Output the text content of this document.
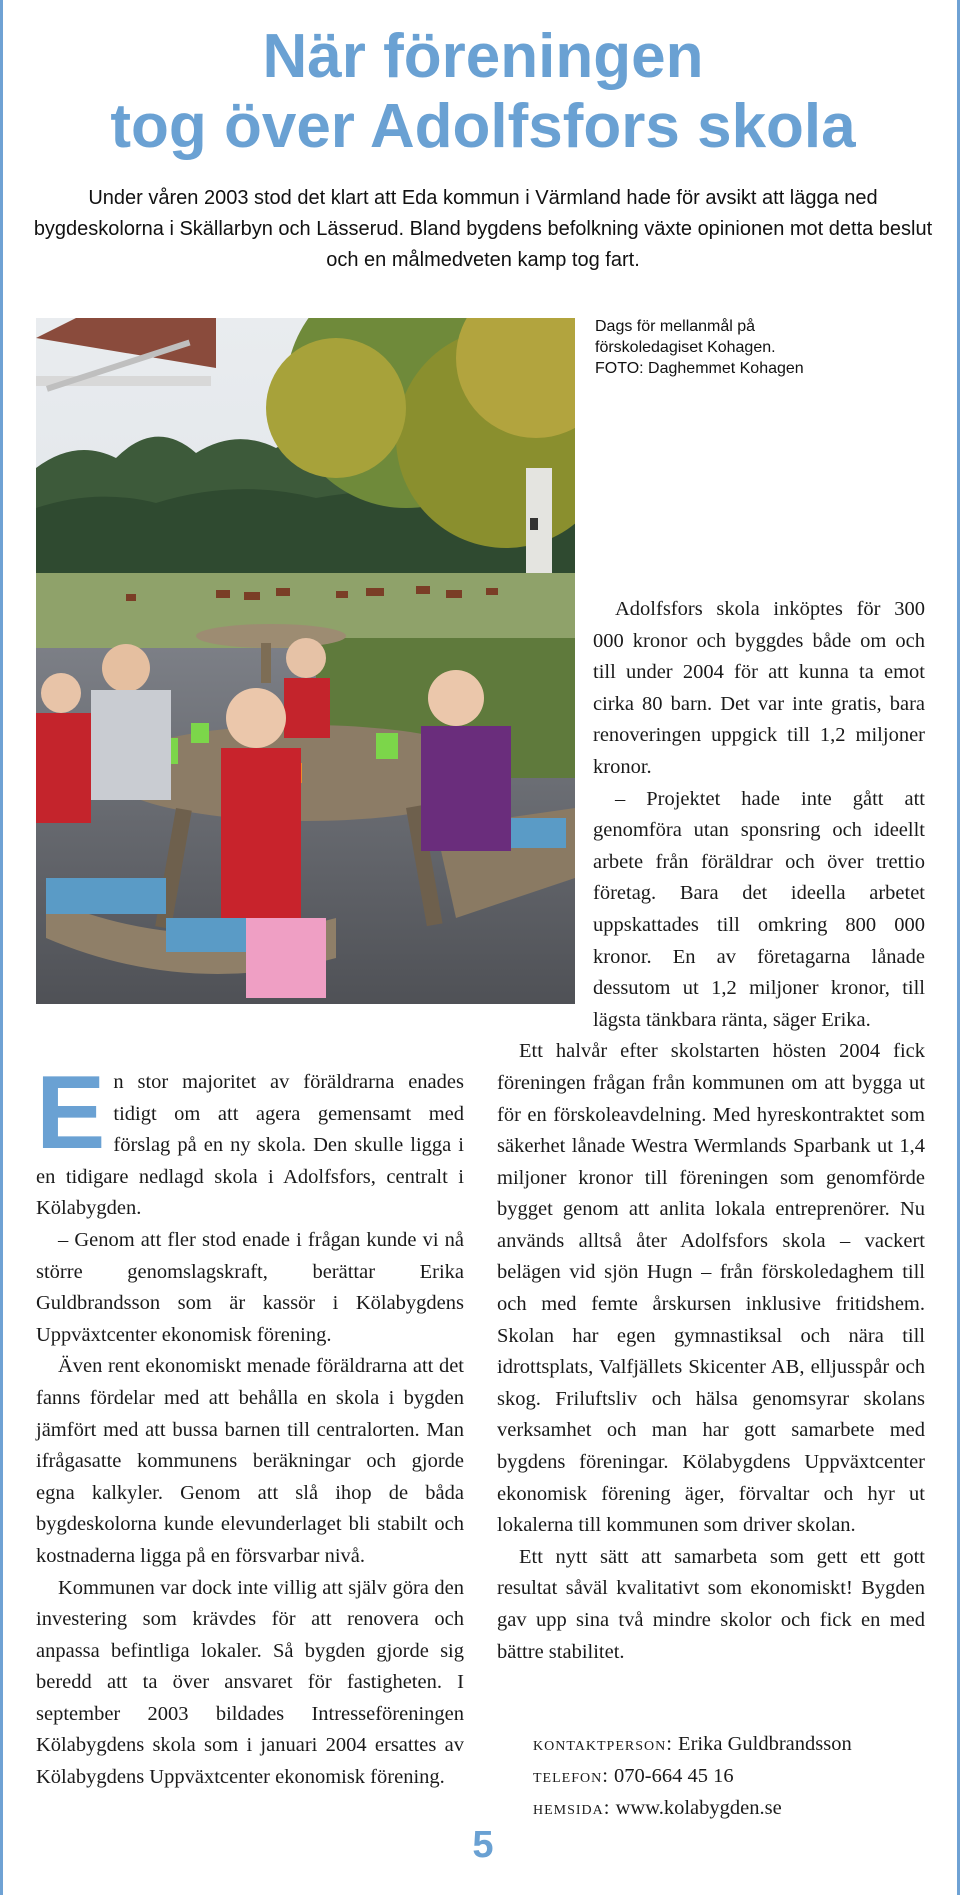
När föreningen
tog över Adolfsfors skola

Under våren 2003 stod det klart att Eda kommun i Värmland hade för avsikt att lägga ned bygdeskolorna i Skällarbyn och Lässerud. Bland bygdens befolkning växte opinionen mot detta beslut och en målmedveten kamp tog fart.

Dags för mellanmål på
förskoledagiset Kohagen.
FOTO: Daghemmet Kohagen

Adolfsfors skola inköptes för 300 000 kronor och byggdes både om och till under 2004 för att kunna ta emot cirka 80 barn. Det var inte gratis, bara renoveringen uppgick till 1,2 miljoner kronor.

– Projektet hade inte gått att genomföra utan sponsring och ideellt arbete från föräldrar och över trettio företag. Bara det ideella arbetet uppskattades till omkring 800 000 kronor. En av företagarna lånade dessutom ut 1,2 miljoner kronor, till lägsta tänkbara ränta, säger Erika.

Ett halvår efter skolstarten hösten 2004 fick föreningen frågan från kommunen om att bygga ut för en förskoleavdelning. Med hyreskontraktet som säkerhet lånade Westra Wermlands Sparbank ut 1,4 miljoner kronor till föreningen som genomförde bygget genom att anlita lokala entreprenörer. Nu används alltså åter Adolfsfors skola – vackert belägen vid sjön Hugn – från förskoledaghem till och med femte årskursen inklusive fritidshem. Skolan har egen gymnastiksal och nära till idrottsplats, Valfjällets Skicenter AB, elljusspår och skog. Friluftsliv och hälsa genomsyrar skolans verksamhet och man har gott samarbete med bygdens föreningar. Kölabygdens Uppväxtcenter ekonomisk förening äger, förvaltar och hyr ut lokalerna till kommunen som driver skolan.

Ett nytt sätt att samarbeta som gett ett gott resultat såväl kvalitativt som ekonomiskt! Bygden gav upp sina två mindre skolor och fick en med bättre stabilitet.

En stor majoritet av föräldrarna enades tidigt om att agera gemensamt med förslag på en ny skola. Den skulle ligga i en tidigare nedlagd skola i Adolfsfors, centralt i Kölabygden.

– Genom att fler stod enade i frågan kunde vi nå större genomslagskraft, berättar Erika Guldbrandsson som är kassör i Kölabygdens Uppväxtcenter ekonomisk förening.

Även rent ekonomiskt menade föräldrarna att det fanns fördelar med att behålla en skola i bygden jämfört med att bussa barnen till centralorten. Man ifrågasatte kommunens beräkningar och gjorde egna kalkyler. Genom att slå ihop de båda bygdeskolorna kunde elevunderlaget bli stabilt och kostnaderna ligga på en försvarbar nivå.

Kommunen var dock inte villig att själv göra den investering som krävdes för att renovera och anpassa befintliga lokaler. Så bygden gjorde sig beredd att ta över ansvaret för fastigheten. I september 2003 bildades Intresseföreningen Kölabygdens skola som i januari 2004 ersattes av Kölabygdens Uppväxtcenter ekonomisk förening.

kontaktperson: Erika Guldbrandsson
telefon: 070-664 45 16
hemsida: www.kolabygden.se

5
